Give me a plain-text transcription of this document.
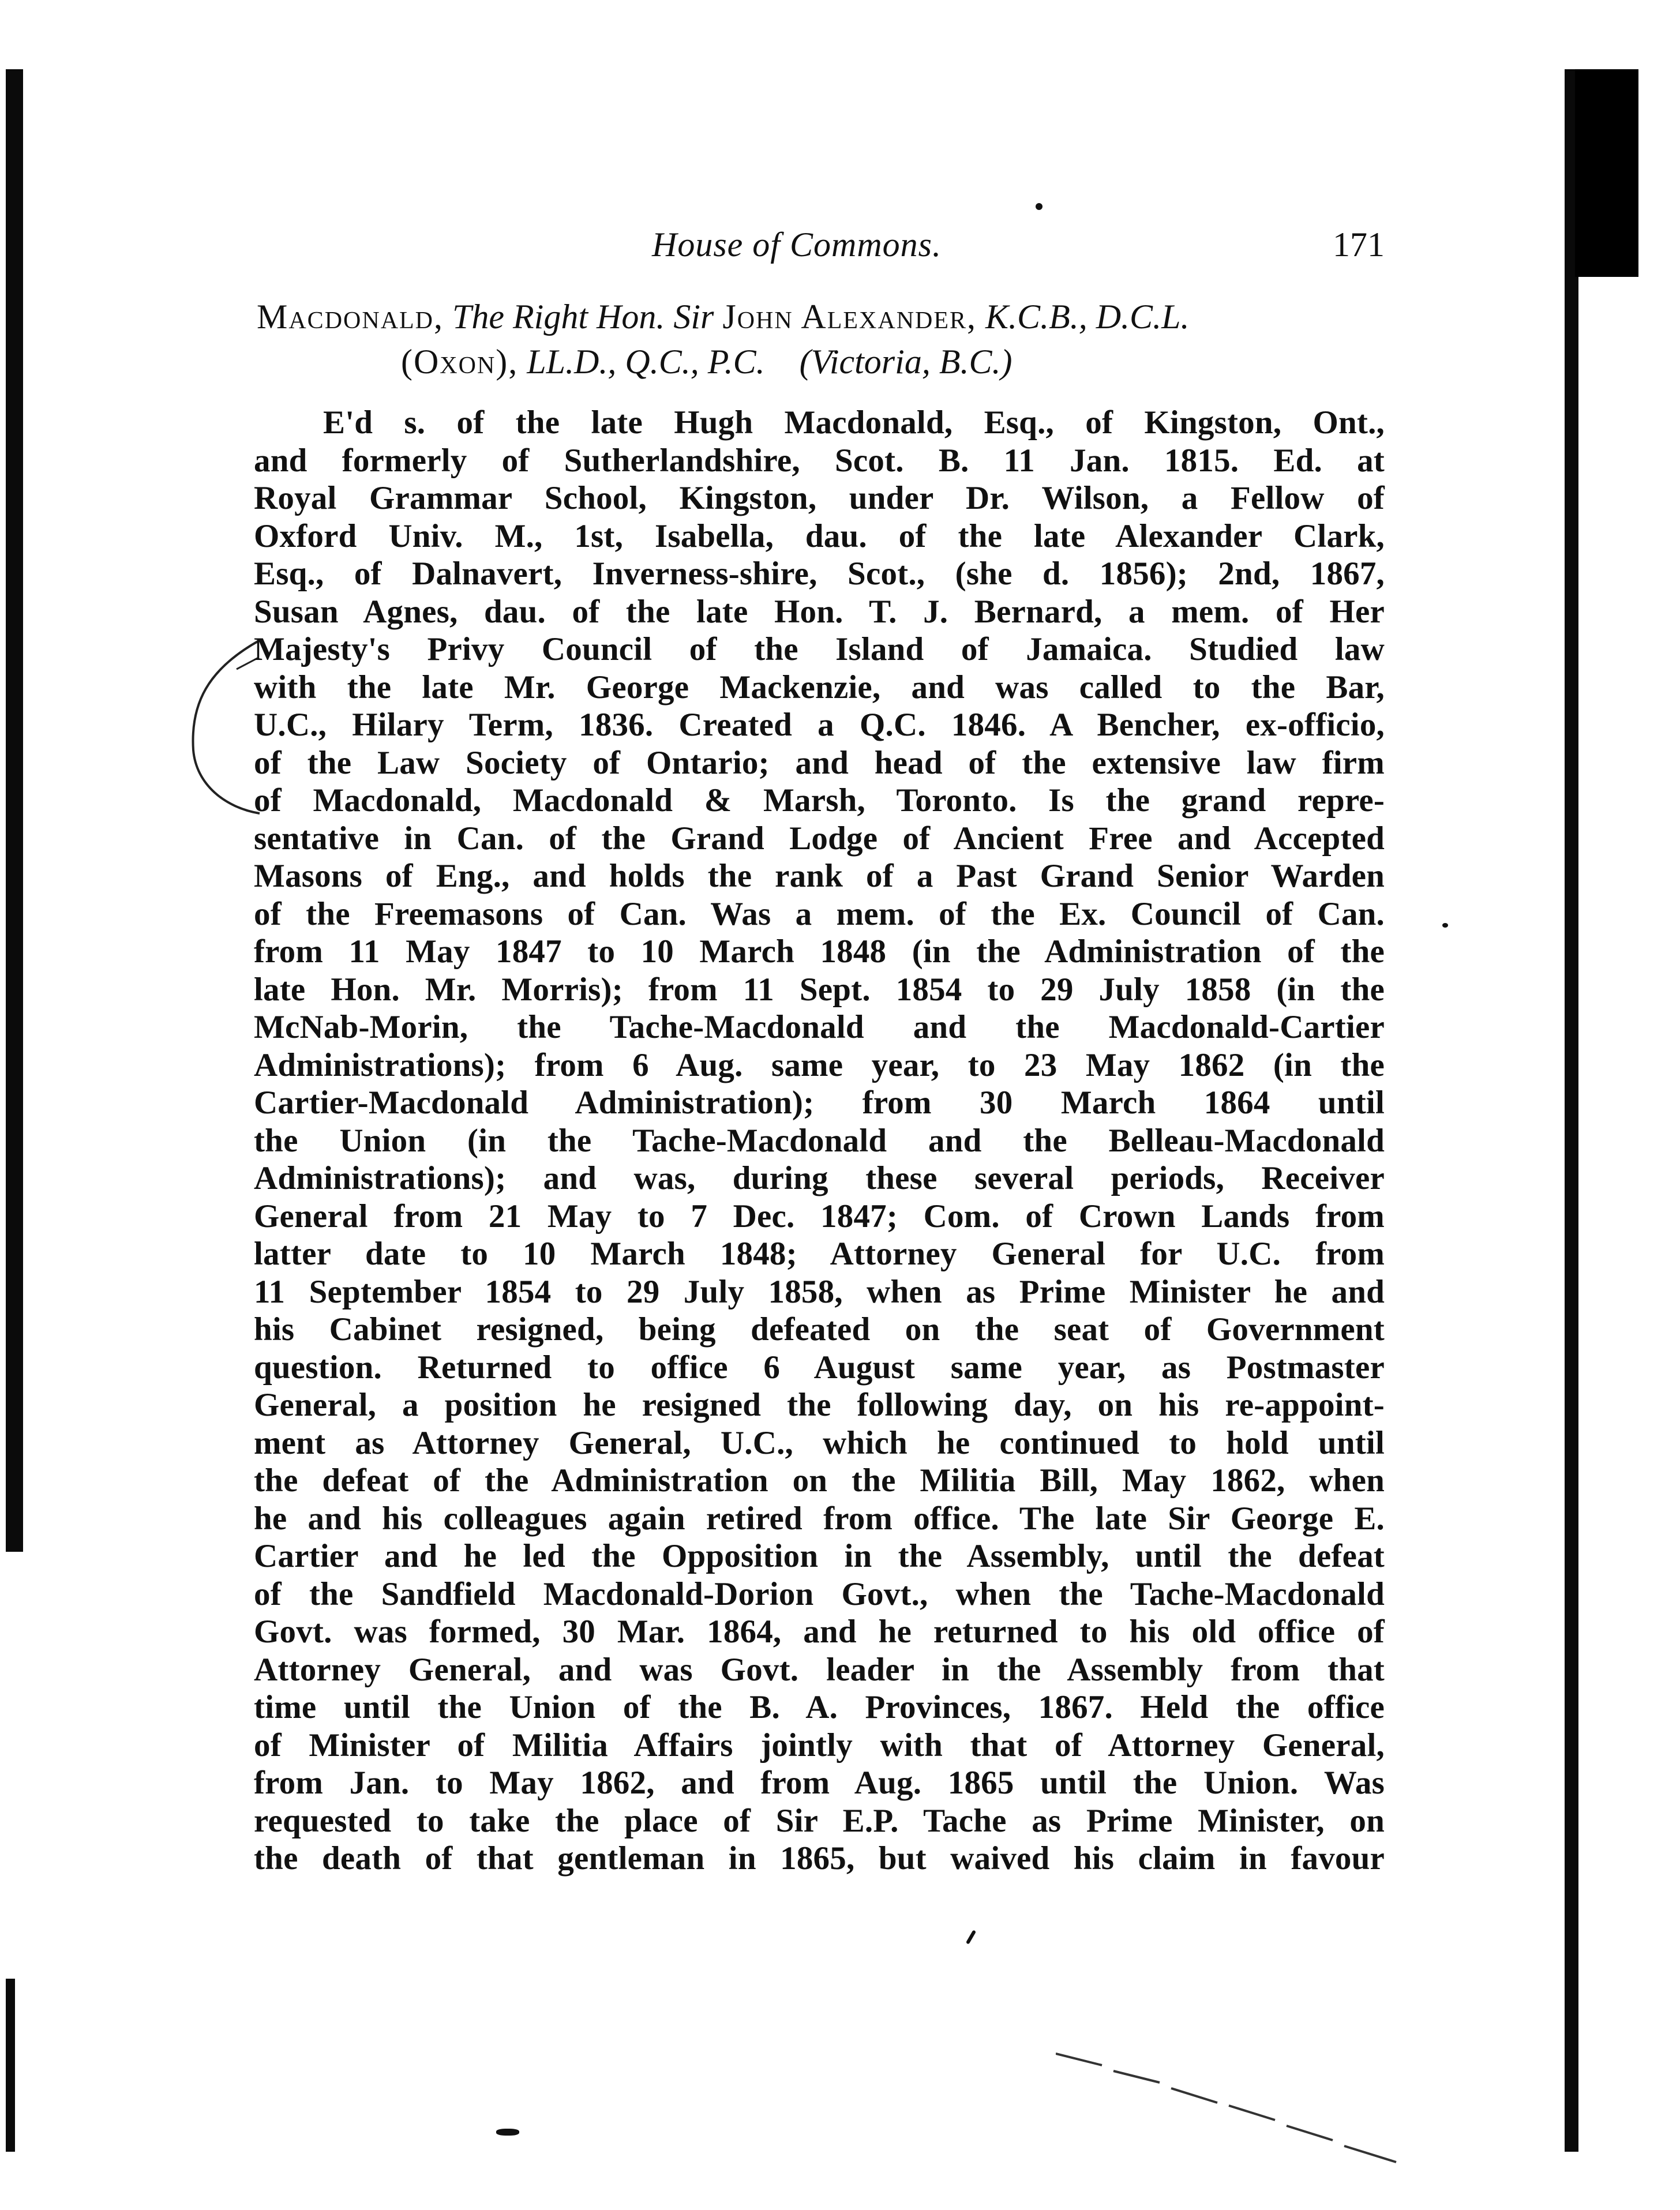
House of Commons.	171
Macdonald, The Right Hon. Sir John Alexander, K.C.B., D.C.L.
(Oxon), LL.D., Q.C., P.C. (Victoria, B.C.)
E'd s. of the late Hugh Macdonald, Esq., of Kingston, Ont.,
and formerly of Sutherlandshire, Scot. B. 11 Jan. 1815. Ed. at
Royal Grammar School, Kingston, under Dr. Wilson, a Fellow of
Oxford Univ. M., 1st, Isabella, dau. of the late Alexander Clark,
Esq., of Dalnavert, Inverness-shire, Scot., (she d. 1856); 2nd, 1867,
Susan Agnes, dau. of the late Hon. T. J. Bernard, a mem. of Her
Majesty's Privy Council of the Island of Jamaica. Studied law
with the late Mr. George Mackenzie, and was called to the Bar,
U.C., Hilary Term, 1836. Created a Q.C. 1846. A Bencher, ex-officio,
of the Law Society of Ontario; and head of the extensive law firm
of Macdonald, Macdonald & Marsh, Toronto. Is the grand repre-
sentative in Can. of the Grand Lodge of Ancient Free and Accepted
Masons of Eng., and holds the rank of a Past Grand Senior Warden
of the Freemasons of Can. Was a mem. of the Ex. Council of Can.
from 11 May 1847 to 10 March 1848 (in the Administration of the
late Hon. Mr. Morris); from 11 Sept. 1854 to 29 July 1858 (in the
McNab-Morin, the Tache-Macdonald and the Macdonald-Cartier
Administrations); from 6 Aug. same year, to 23 May 1862 (in the
Cartier-Macdonald Administration); from 30 March 1864 until
the Union (in the Tache-Macdonald and the Belleau-Macdonald
Administrations); and was, during these several periods, Receiver
General from 21 May to 7 Dec. 1847; Com. of Crown Lands from
latter date to 10 March 1848; Attorney General for U.C. from
11 September 1854 to 29 July 1858, when as Prime Minister he and
his Cabinet resigned, being defeated on the seat of Government
question. Returned to office 6 August same year, as Postmaster
General, a position he resigned the following day, on his re-appoint-
ment as Attorney General, U.C., which he continued to hold until
the defeat of the Administration on the Militia Bill, May 1862, when
he and his colleagues again retired from office. The late Sir George E.
Cartier and he led the Opposition in the Assembly, until the defeat
of the Sandfield Macdonald-Dorion Govt., when the Tache-Macdonald
Govt. was formed, 30 Mar. 1864, and he returned to his old office of
Attorney General, and was Govt. leader in the Assembly from that
time until the Union of the B. A. Provinces, 1867. Held the office
of Minister of Militia Affairs jointly with that of Attorney General,
from Jan. to May 1862, and from Aug. 1865 until the Union. Was
requested to take the place of Sir E.P. Tache as Prime Minister, on
the death of that gentleman in 1865, but waived his claim in favour
